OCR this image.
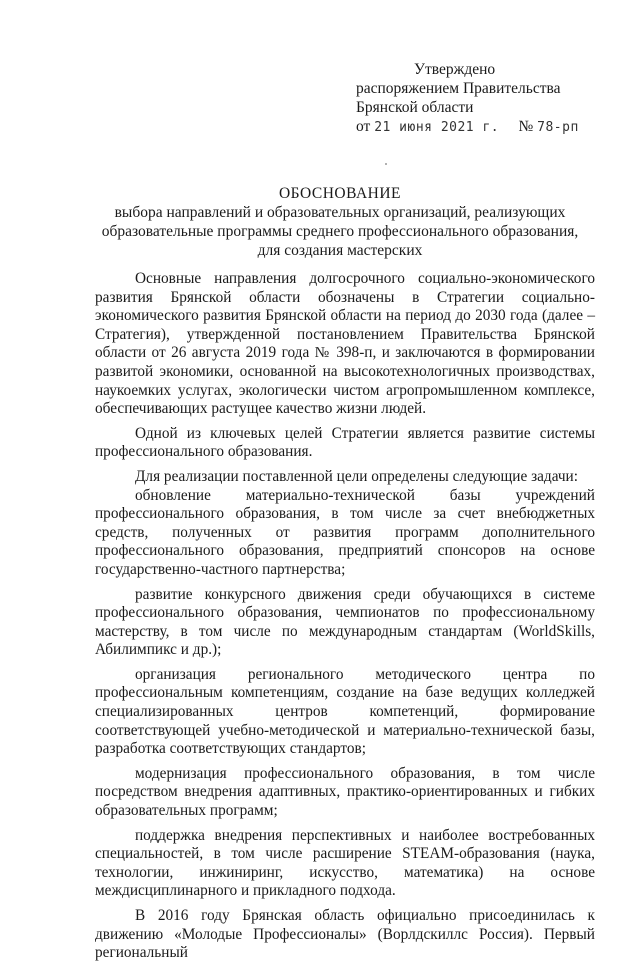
Утверждено
распоряжением Правительства
Брянской области
от 21 июня 2021 г. № 78-рп
ОБОСНОВАНИЕ
выбора направлений и образовательных организаций, реализующих
образовательные программы среднего профессионального образования,
для создания мастерских

Основные направления долгосрочного социально-экономического развития Брянской области обозначены в Стратегии социально-экономического развития Брянской области на период до 2030 года (далее – Стратегия), утвержденной постановлением Правительства Брянской области от 26 августа 2019 года № 398-п, и заключаются в формировании развитой экономики, основанной на высокотехнологичных производствах, наукоемких услугах, экологически чистом агропромышленном комплексе, обеспечивающих растущее качество жизни людей.

Одной из ключевых целей Стратегии является развитие системы профессионального образования.

Для реализации поставленной цели определены следующие задачи:

обновление материально-технической базы учреждений профессионального образования, в том числе за счет внебюджетных средств, полученных от развития программ дополнительного профессионального образования, предприятий спонсоров на основе государственно-частного партнерства;

развитие конкурсного движения среди обучающихся в системе профессионального образования, чемпионатов по профессиональному мастерству, в том числе по международным стандартам (WorldSkills, Абилимпикс и др.);

организация регионального методического центра по профессиональным компетенциям, создание на базе ведущих колледжей специализированных центров компетенций, формирование соответствующей учебно-методической и материально-технической базы, разработка соответствующих стандартов;

модернизация профессионального образования, в том числе посредством внедрения адаптивных, практико-ориентированных и гибких образовательных программ;

поддержка внедрения перспективных и наиболее востребованных специальностей, в том числе расширение STEAM-образования (наука, технологии, инжиниринг, искусство, математика) на основе междисциплинарного и прикладного подхода.

В 2016 году Брянская область официально присоединилась к движению «Молодые Профессионалы» (Ворлдскиллс Россия). Первый региональный
